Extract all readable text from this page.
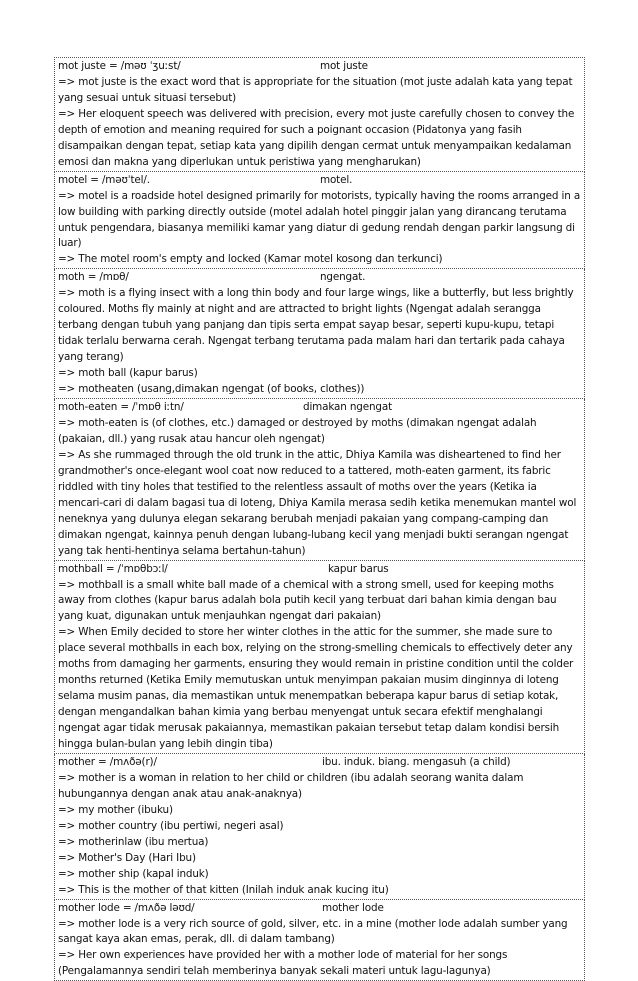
mot juste = /məʊ ˈʒuːst/	mot juste
=> mot juste is the exact word that is appropriate for the situation (mot juste adalah kata yang tepat yang sesuai untuk situasi tersebut)
=> Her eloquent speech was delivered with precision, every mot juste carefully chosen to convey the depth of emotion and meaning required for such a poignant occasion (Pidatonya yang fasih disampaikan dengan tepat, setiap kata yang dipilih dengan cermat untuk menyampaikan kedalaman emosi dan makna yang diperlukan untuk peristiwa yang mengharukan)
motel = /məʊˈtel/.	motel.
=> motel is a roadside hotel designed primarily for motorists, typically having the rooms arranged in a low building with parking directly outside (motel adalah hotel pinggir jalan yang dirancang terutama untuk pengendara, biasanya memiliki kamar yang diatur di gedung rendah dengan parkir langsung di luar)
=> The motel room's empty and locked (Kamar motel kosong dan terkunci)
moth = /mɒθ/	ngengat.
=> moth is a flying insect with a long thin body and four large wings, like a butterfly, but less brightly coloured. Moths fly mainly at night and are attracted to bright lights (Ngengat adalah serangga terbang dengan tubuh yang panjang dan tipis serta empat sayap besar, seperti kupu-kupu, tetapi tidak terlalu berwarna cerah. Ngengat terbang terutama pada malam hari dan tertarik pada cahaya yang terang)
=> moth ball (kapur barus)
=> motheaten (usang,dimakan ngengat (of books, clothes))
moth-eaten = /ˈmɒθ iːtn/	dimakan ngengat
=> moth-eaten is (of clothes, etc.) damaged or destroyed by moths (dimakan ngengat adalah (pakaian, dll.) yang rusak atau hancur oleh ngengat)
=> As she rummaged through the old trunk in the attic, Dhiya Kamila was disheartened to find her grandmother's once-elegant wool coat now reduced to a tattered, moth-eaten garment, its fabric riddled with tiny holes that testified to the relentless assault of moths over the years (Ketika ia mencari-cari di dalam bagasi tua di loteng, Dhiya Kamila merasa sedih ketika menemukan mantel wol neneknya yang dulunya elegan sekarang berubah menjadi pakaian yang compang-camping dan dimakan ngengat, kainnya penuh dengan lubang-lubang kecil yang menjadi bukti serangan ngengat yang tak henti-hentinya selama bertahun-tahun)
mothball = /ˈmɒθbɔːl/	kapur barus
=> mothball is a small white ball made of a chemical with a strong smell, used for keeping moths away from clothes (kapur barus adalah bola putih kecil yang terbuat dari bahan kimia dengan bau yang kuat, digunakan untuk menjauhkan ngengat dari pakaian)
=> When Emily decided to store her winter clothes in the attic for the summer, she made sure to place several mothballs in each box, relying on the strong-smelling chemicals to effectively deter any moths from damaging her garments, ensuring they would remain in pristine condition until the colder months returned (Ketika Emily memutuskan untuk menyimpan pakaian musim dinginnya di loteng selama musim panas, dia memastikan untuk menempatkan beberapa kapur barus di setiap kotak, dengan mengandalkan bahan kimia yang berbau menyengat untuk secara efektif menghalangi ngengat agar tidak merusak pakaiannya, memastikan pakaian tersebut tetap dalam kondisi bersih hingga bulan-bulan yang lebih dingin tiba)
mother = /mʌðə(r)/	ibu. induk. biang. mengasuh (a child)
=> mother is a woman in relation to her child or children (ibu adalah seorang wanita dalam hubungannya dengan anak atau anak-anaknya)
=> my mother (ibuku)
=> mother country (ibu pertiwi, negeri asal)
=> motherinlaw (ibu mertua)
=> Mother's Day (Hari Ibu)
=> mother ship (kapal induk)
=> This is the mother of that kitten (Inilah induk anak kucing itu)
mother lode = /mʌðə ləʊd/	mother lode
=> mother lode is a very rich source of gold, silver, etc. in a mine (mother lode adalah sumber yang sangat kaya akan emas, perak, dll. di dalam tambang)
=> Her own experiences have provided her with a mother lode of material for her songs (Pengalamannya sendiri telah memberinya banyak sekali materi untuk lagu-lagunya)
